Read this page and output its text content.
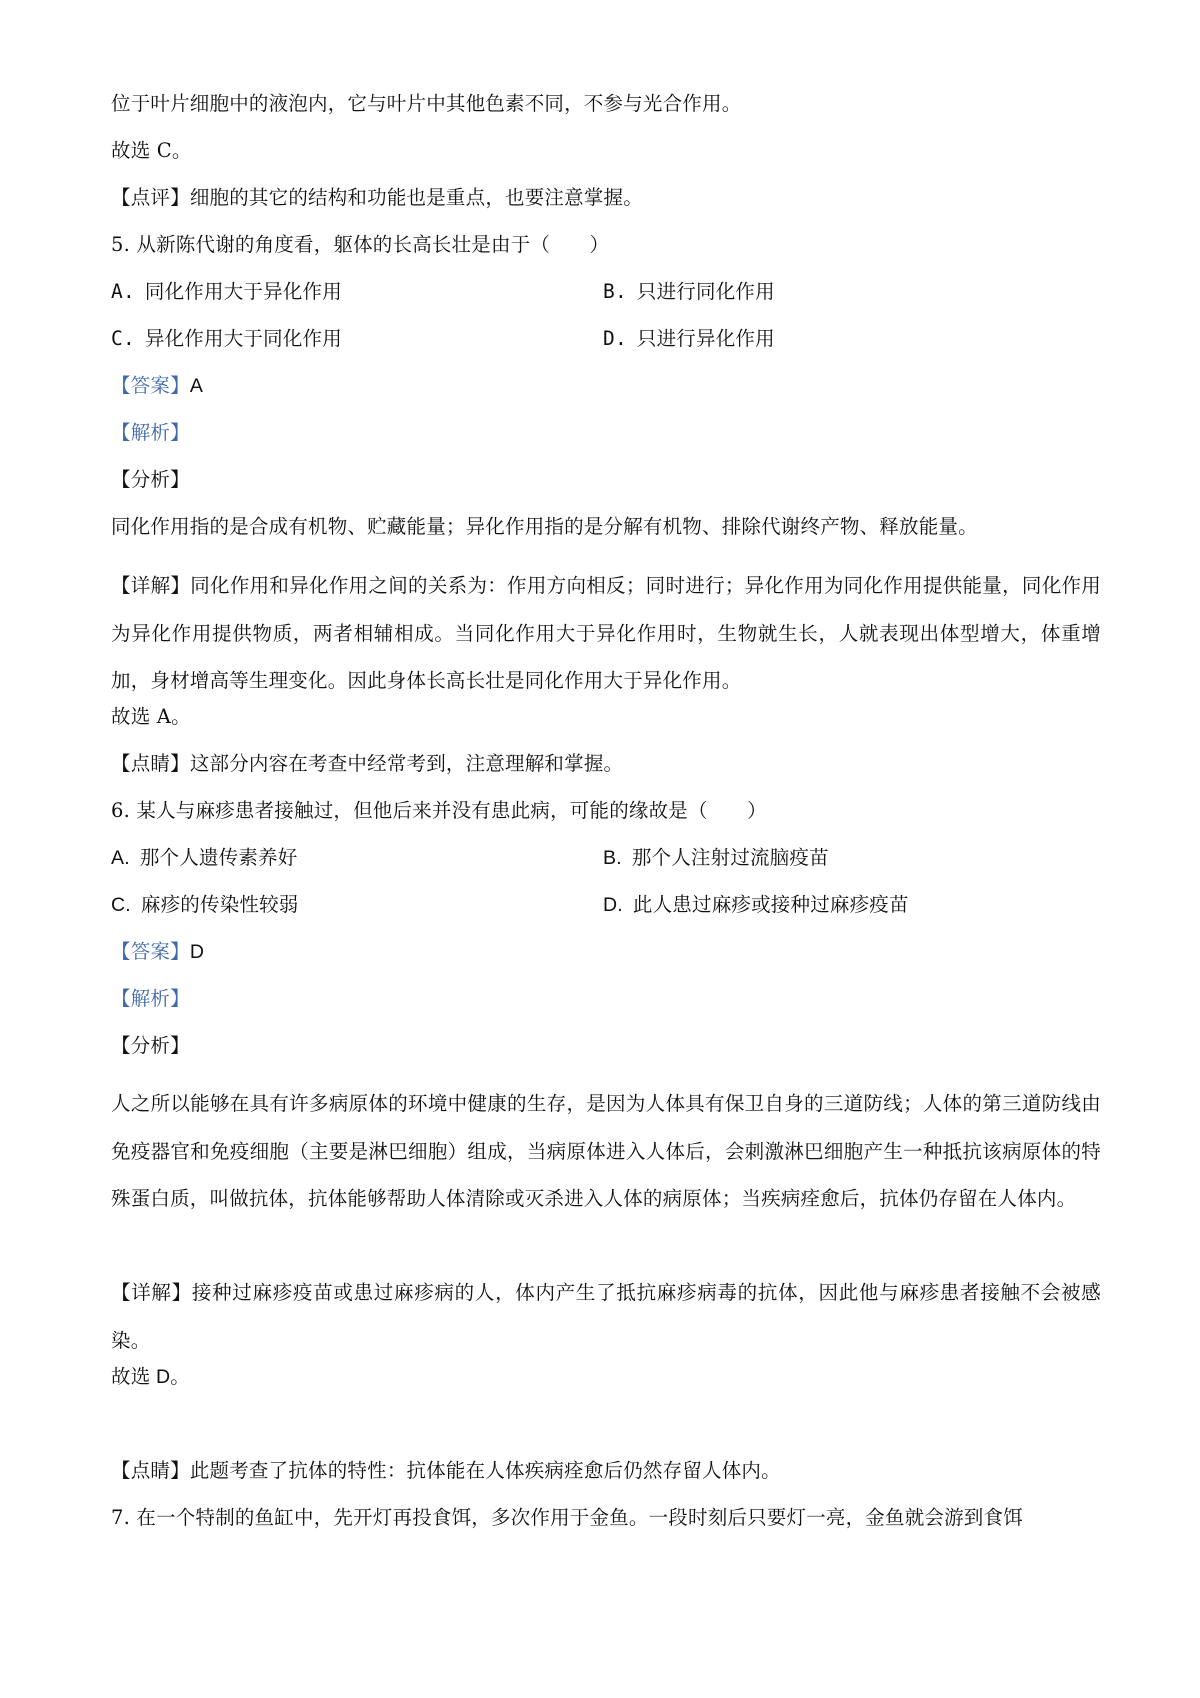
位于叶片细胞中的液泡内，它与叶片中其他色素不同，不参与光合作用。
故选 C。
【点评】细胞的其它的结构和功能也是重点，也要注意掌握。
5. 从新陈代谢的角度看，躯体的长高长壮是由于（　　）
A. 同化作用大于异化作用	B. 只进行同化作用
C. 异化作用大于同化作用	D. 只进行异化作用
【答案】A
【解析】
【分析】
同化作用指的是合成有机物、贮藏能量；异化作用指的是分解有机物、排除代谢终产物、释放能量。
【详解】同化作用和异化作用之间的关系为：作用方向相反；同时进行；异化作用为同化作用提供能量，同化作用为异化作用提供物质，两者相辅相成。当同化作用大于异化作用时，生物就生长，人就表现出体型增大，体重增加，身材增高等生理变化。因此身体长高长壮是同化作用大于异化作用。
故选 A。
【点睛】这部分内容在考查中经常考到，注意理解和掌握。
6. 某人与麻疹患者接触过，但他后来并没有患此病，可能的缘故是（　　）
A. 那个人遗传素养好	B. 那个人注射过流脑疫苗
C. 麻疹的传染性较弱	D. 此人患过麻疹或接种过麻疹疫苗
【答案】D
【解析】
【分析】
人之所以能够在具有许多病原体的环境中健康的生存，是因为人体具有保卫自身的三道防线；人体的第三道防线由免疫器官和免疫细胞（主要是淋巴细胞）组成，当病原体进入人体后，会刺激淋巴细胞产生一种抵抗该病原体的特殊蛋白质，叫做抗体，抗体能够帮助人体清除或灭杀进入人体的病原体；当疾病痊愈后，抗体仍存留在人体内。
【详解】接种过麻疹疫苗或患过麻疹病的人，体内产生了抵抗麻疹病毒的抗体，因此他与麻疹患者接触不会被感染。
故选 D。
【点睛】此题考查了抗体的特性：抗体能在人体疾病痊愈后仍然存留人体内。
7. 在一个特制的鱼缸中，先开灯再投食饵，多次作用于金鱼。一段时刻后只要灯一亮，金鱼就会游到食饵
